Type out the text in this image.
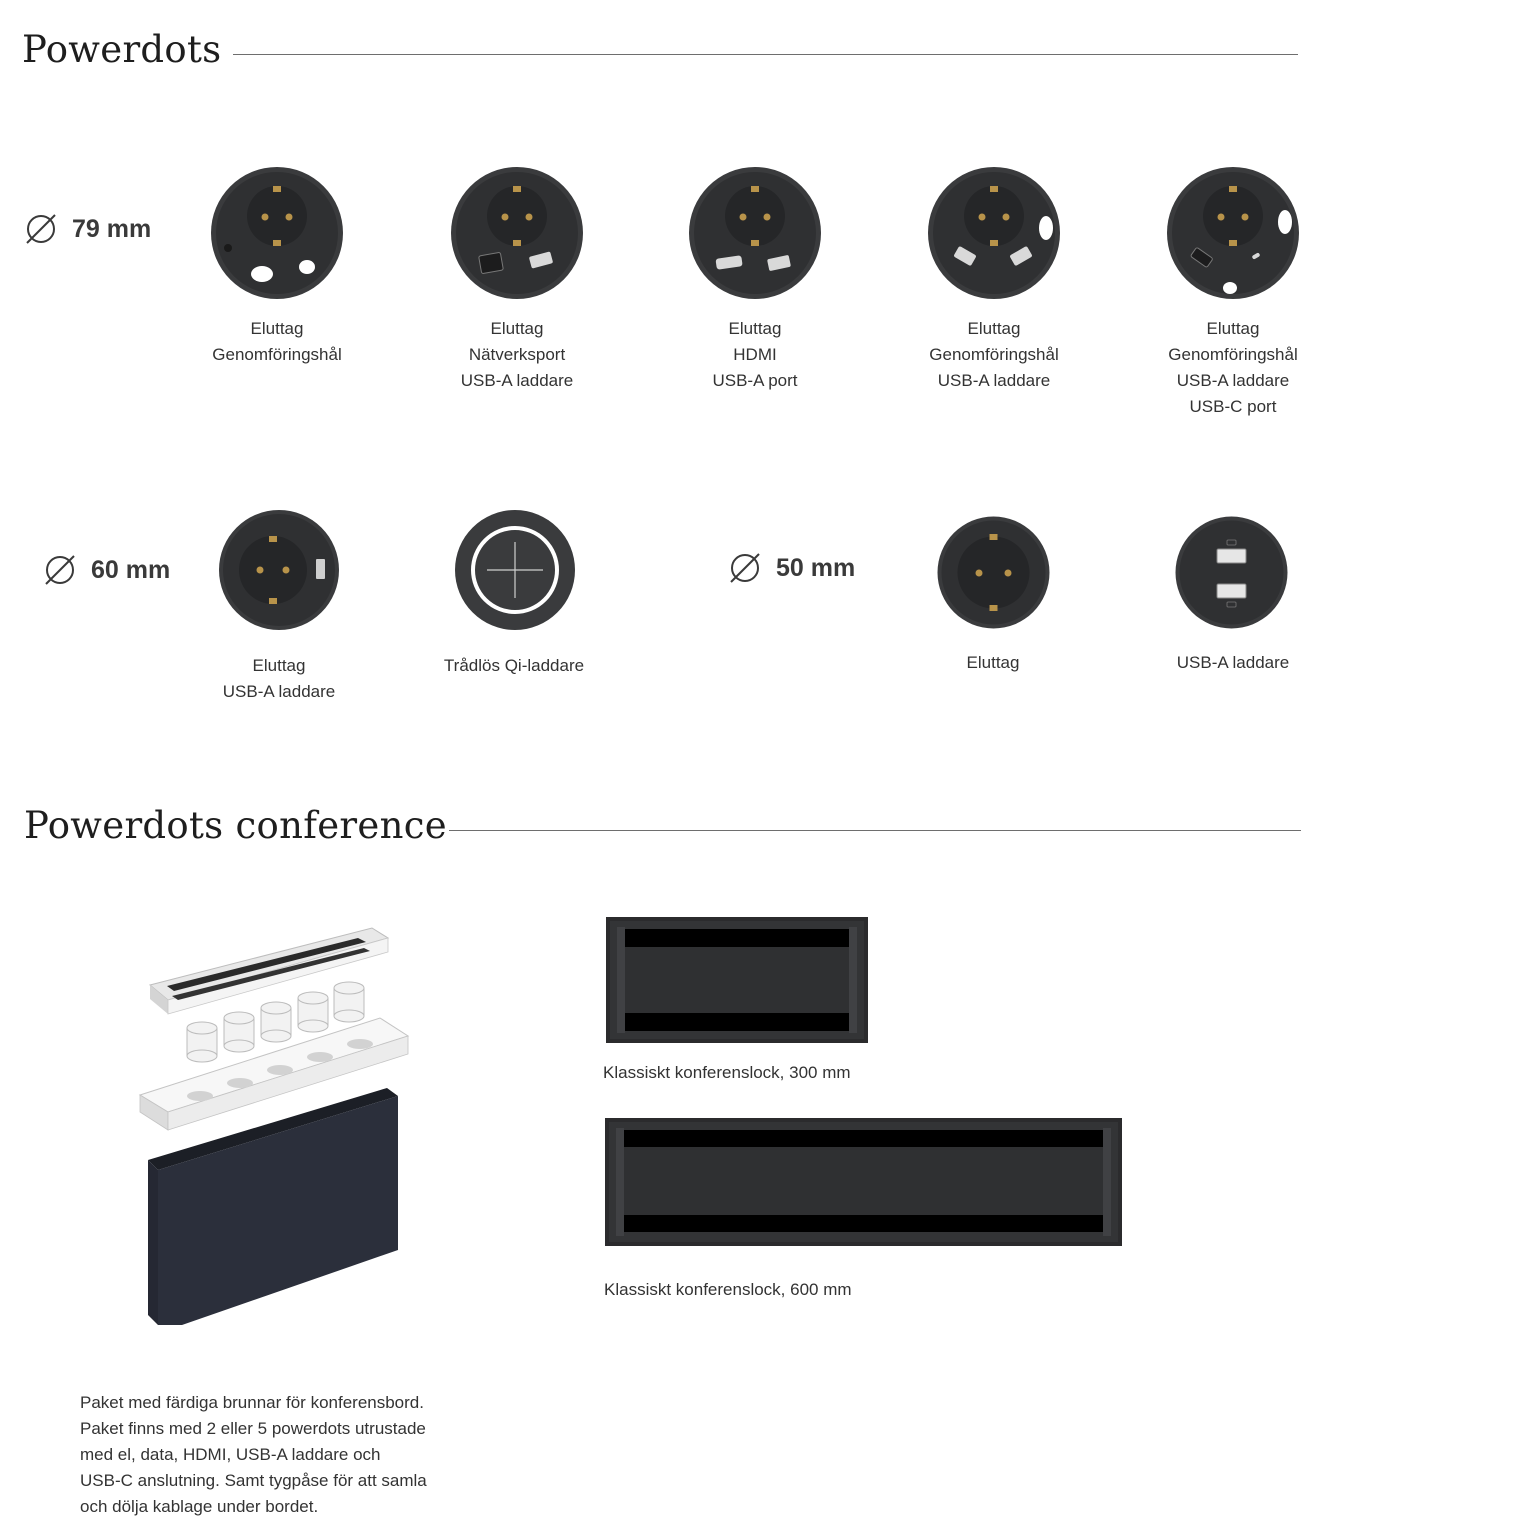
Powerdots
79 mm
Eluttag
Genomföringshål
Eluttag
Nätverksport
USB-A laddare
Eluttag
HDMI
USB-A port
Eluttag
Genomföringshål
USB-A laddare
Eluttag
Genomföringshål
USB-A laddare
USB-C port
60 mm
Eluttag
USB-A laddare
Trådlös Qi-laddare
50 mm
Eluttag	USB-A laddare
Powerdots conference
Klassiskt konferenslock, 300 mm
Klassiskt konferenslock, 600 mm
Paket med färdiga brunnar för konferensbord.
Paket finns med 2 eller 5 powerdots utrustade
med el, data, HDMI, USB-A laddare och
USB-C anslutning. Samt tygpåse för att samla
och dölja kablage under bordet.
